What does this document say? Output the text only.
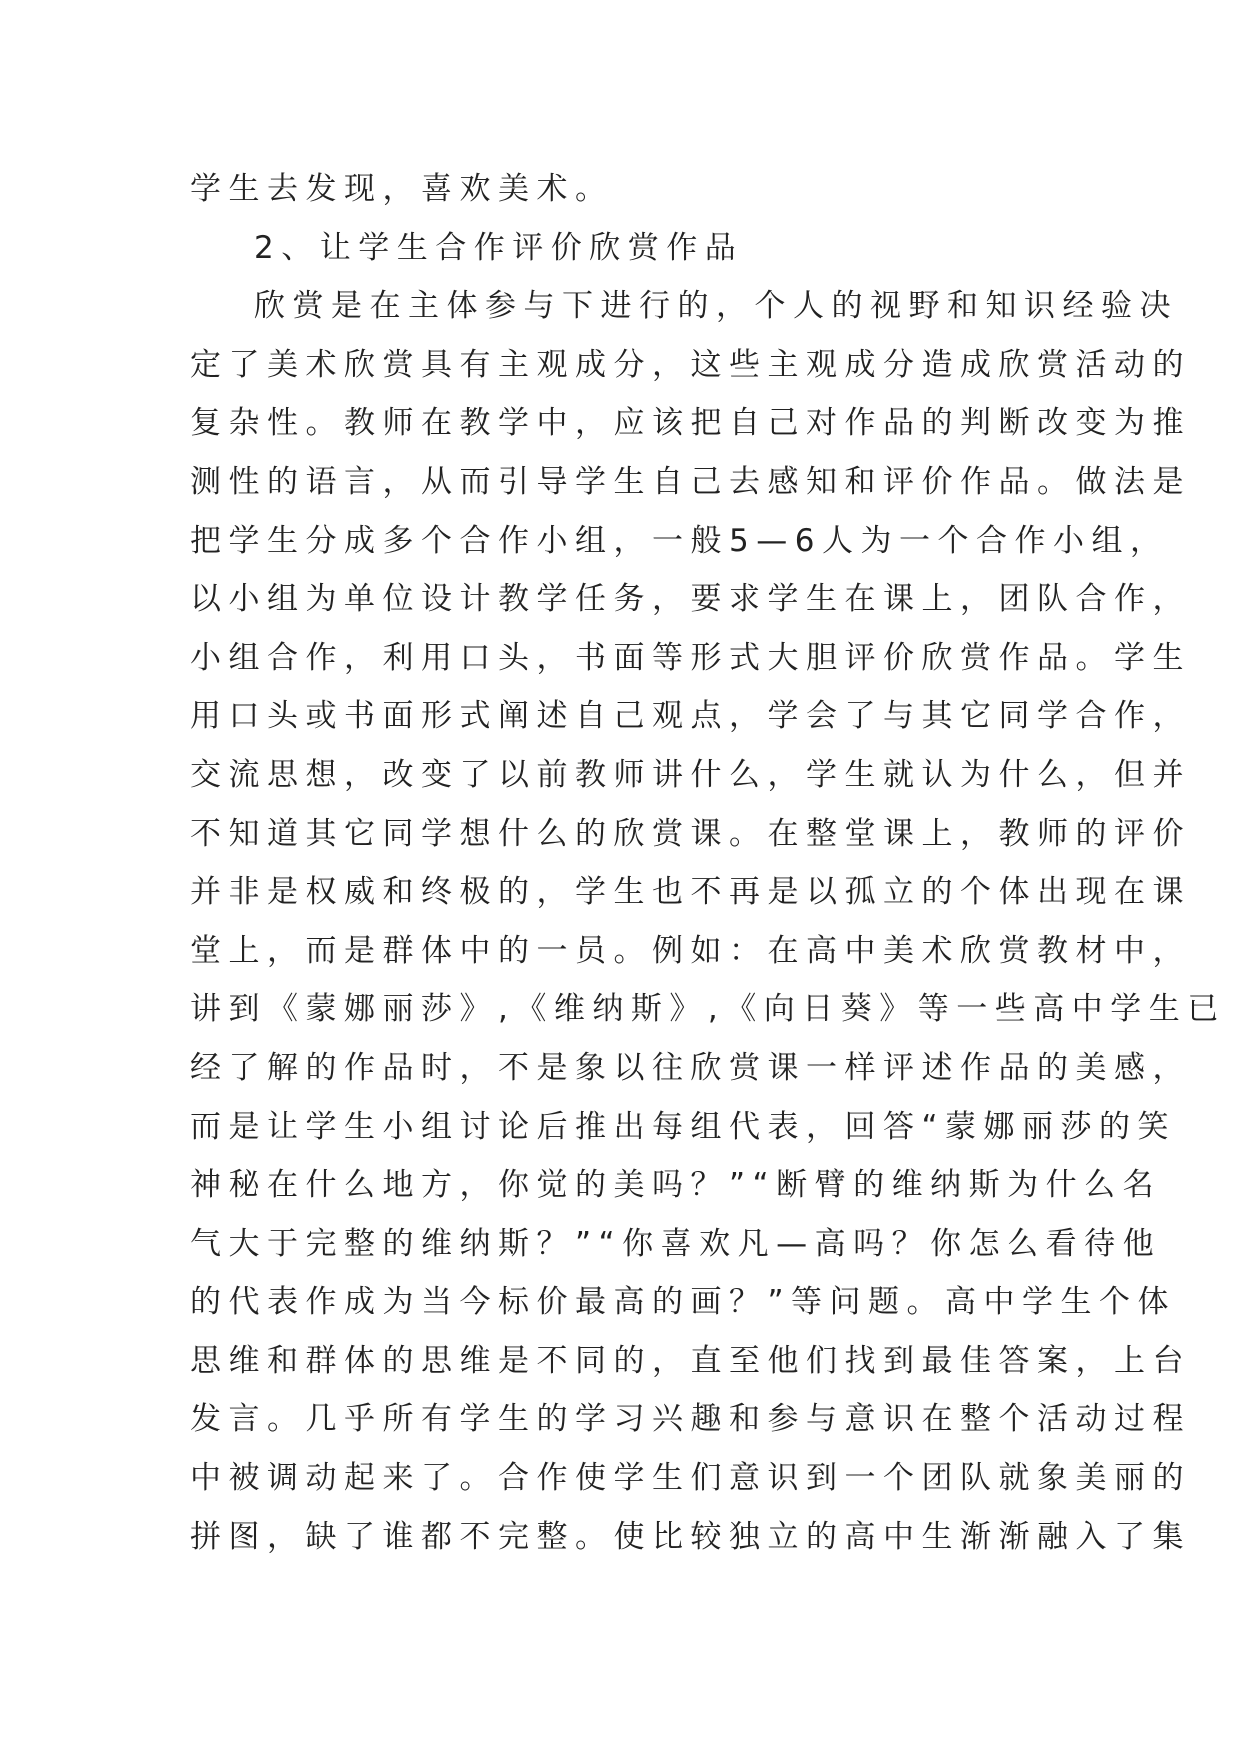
学生去发现，喜欢美术。
2、让学生合作评价欣赏作品
欣赏是在主体参与下进行的，个人的视野和知识经验决
定了美术欣赏具有主观成分，这些主观成分造成欣赏活动的
复杂性。教师在教学中，应该把自己对作品的判断改变为推
测性的语言，从而引导学生自己去感知和评价作品。做法是
把学生分成多个合作小组，一般5—6人为一个合作小组，
以小组为单位设计教学任务，要求学生在课上，团队合作，
小组合作，利用口头，书面等形式大胆评价欣赏作品。学生
用口头或书面形式阐述自己观点，学会了与其它同学合作，
交流思想，改变了以前教师讲什么，学生就认为什么，但并
不知道其它同学想什么的欣赏课。在整堂课上，教师的评价
并非是权威和终极的，学生也不再是以孤立的个体出现在课
堂上，而是群体中的一员。例如：在高中美术欣赏教材中，
讲到《蒙娜丽莎》,《维纳斯》,《向日葵》等一些高中学生已
经了解的作品时，不是象以往欣赏课一样评述作品的美感，
而是让学生小组讨论后推出每组代表，回答“蒙娜丽莎的笑
神秘在什么地方，你觉的美吗？”“断臂的维纳斯为什么名
气大于完整的维纳斯？”“你喜欢凡—高吗？你怎么看待他
的代表作成为当今标价最高的画？”等问题。高中学生个体
思维和群体的思维是不同的，直至他们找到最佳答案，上台
发言。几乎所有学生的学习兴趣和参与意识在整个活动过程
中被调动起来了。合作使学生们意识到一个团队就象美丽的
拼图，缺了谁都不完整。使比较独立的高中生渐渐融入了集
